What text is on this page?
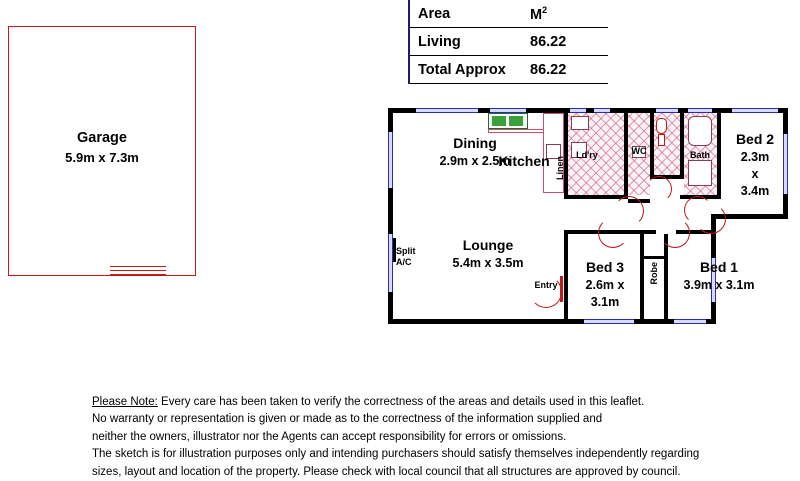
Area	$M^2$
Living	86.22
Total Approx	86.22
Garage
5.9m x 7.3m
Dining
2.9m x 2.5m
Kitchen
Lounge
5.4m x 3.5m
Bed 2
2.3m
x
3.4m
Bed 3
2.6m x 3.1m
Bed 1
3.9m x 3.1m
WC	Bath
Ld'ry
Linen
Robe
Entry
Split
A/C
Please Note: Every care has been taken to verify the correctness of the areas and details used in this leaflet.
No warranty or representation is given or made as to the correctness of the information supplied and
neither the owners, illustrator nor the Agents can accept responsibility for errors or omissions.
The sketch is for illustration purposes only and intending purchasers should satisfy themselves independently regarding
sizes, layout and location of the property. Please check with local council that all structures are approved by council.
